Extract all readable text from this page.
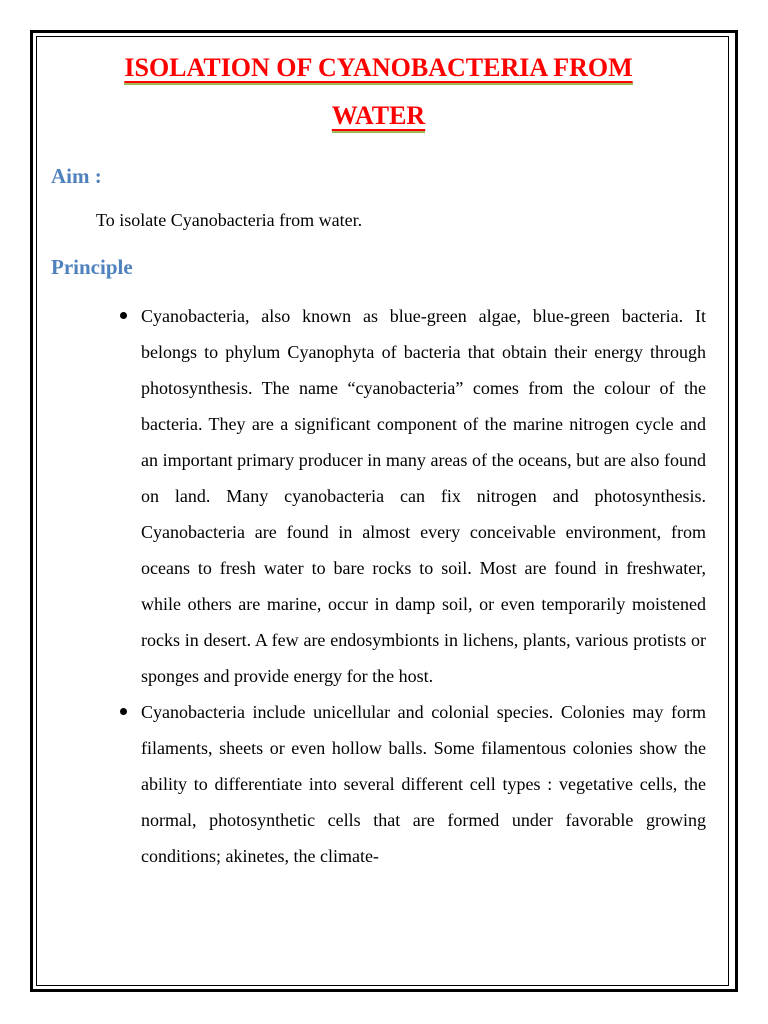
ISOLATION OF CYANOBACTERIA FROM
WATER
Aim :

To isolate Cyanobacteria from water.

Principle
Cyanobacteria, also known as blue-green algae, blue-green bacteria. It belongs to phylum Cyanophyta of bacteria that obtain their energy through photosynthesis. The name “cyanobacteria” comes from the colour of the bacteria. They are a significant component of the marine nitrogen cycle and an important primary producer in many areas of the oceans, but are also found on land. Many cyanobacteria can fix nitrogen and photosynthesis. Cyanobacteria are found in almost every conceivable environment, from oceans to fresh water to bare rocks to soil. Most are found in freshwater, while others are marine, occur in damp soil, or even temporarily moistened rocks in desert. A few are endosymbionts in lichens, plants, various protists or sponges and provide energy for the host.
Cyanobacteria include unicellular and colonial species. Colonies may form filaments, sheets or even hollow balls. Some filamentous colonies show the ability to differentiate into several different cell types : vegetative cells, the normal, photosynthetic cells that are formed under favorable growing conditions; akinetes, the climate-
